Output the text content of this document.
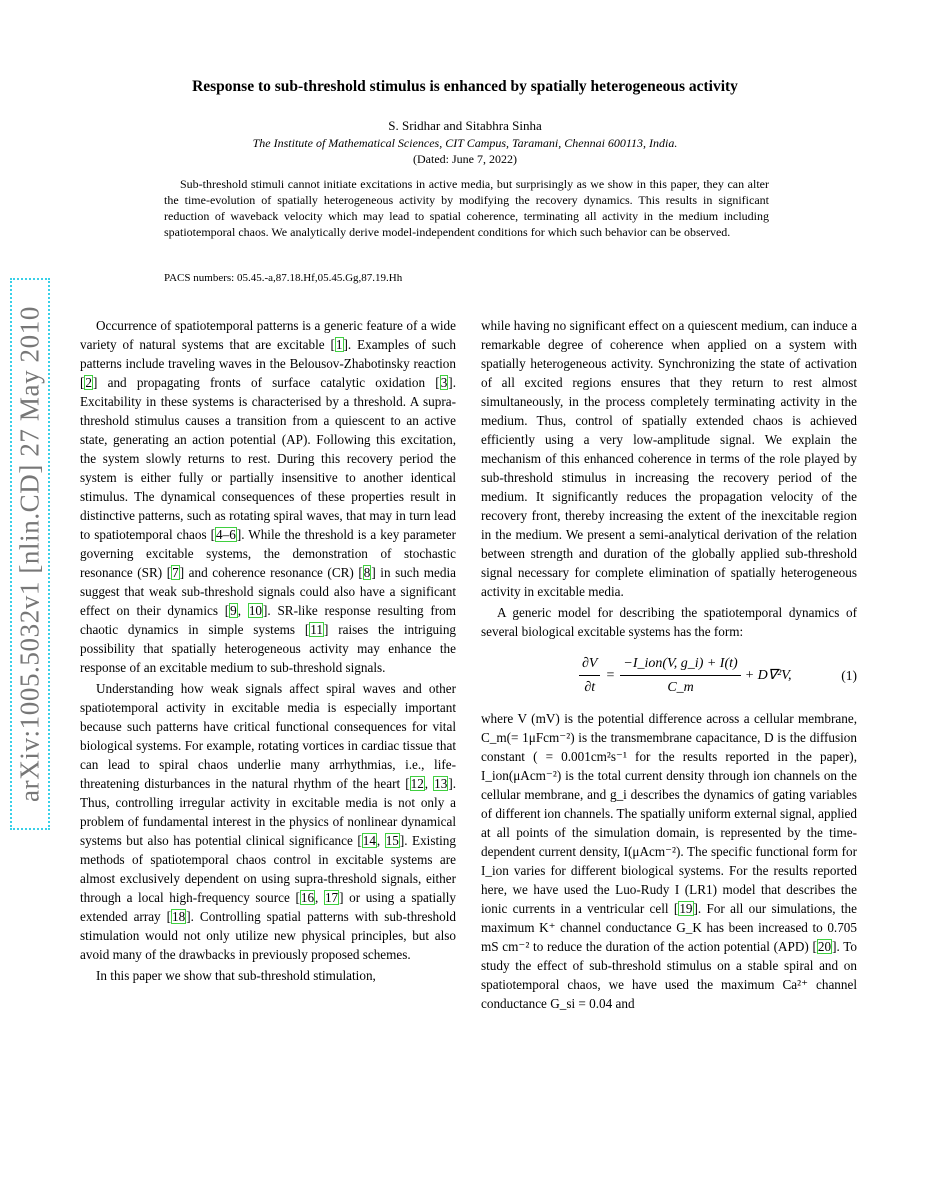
arXiv:1005.5032v1 [nlin.CD] 27 May 2010
Response to sub-threshold stimulus is enhanced by spatially heterogeneous activity
S. Sridhar and Sitabhra Sinha
The Institute of Mathematical Sciences, CIT Campus, Taramani, Chennai 600113, India.
(Dated: June 7, 2022)

Sub-threshold stimuli cannot initiate excitations in active media, but surprisingly as we show in this paper, they can alter the time-evolution of spatially heterogeneous activity by modifying the recovery dynamics. This results in significant reduction of waveback velocity which may lead to spatial coherence, terminating all activity in the medium including spatiotemporal chaos. We analytically derive model-independent conditions for which such behavior can be observed.

PACS numbers: 05.45.-a,87.18.Hf,05.45.Gg,87.19.Hh

Occurrence of spatiotemporal patterns is a generic feature of a wide variety of natural systems that are excitable [1]. Examples of such patterns include traveling waves in the Belousov-Zhabotinsky reaction [2] and propagating fronts of surface catalytic oxidation [3]. Excitability in these systems is characterised by a threshold. A supra-threshold stimulus causes a transition from a quiescent to an active state, generating an action potential (AP). Following this excitation, the system slowly returns to rest. During this recovery period the system is either fully or partially insensitive to another identical stimulus. The dynamical consequences of these properties result in distinctive patterns, such as rotating spiral waves, that may in turn lead to spatiotemporal chaos [4–6]. While the threshold is a key parameter governing excitable systems, the demonstration of stochastic resonance (SR) [7] and coherence resonance (CR) [8] in such media suggest that weak sub-threshold signals could also have a significant effect on their dynamics [9, 10]. SR-like response resulting from chaotic dynamics in simple systems [11] raises the intriguing possibility that spatially heterogeneous activity may enhance the response of an excitable medium to sub-threshold signals.

Understanding how weak signals affect spiral waves and other spatiotemporal activity in excitable media is especially important because such patterns have critical functional consequences for vital biological systems. For example, rotating vortices in cardiac tissue that can lead to spiral chaos underlie many arrhythmias, i.e., life-threatening disturbances in the natural rhythm of the heart [12, 13]. Thus, controlling irregular activity in excitable media is not only a problem of fundamental interest in the physics of nonlinear dynamical systems but also has potential clinical significance [14, 15]. Existing methods of spatiotemporal chaos control in excitable systems are almost exclusively dependent on using supra-threshold signals, either through a local high-frequency source [16, 17] or using a spatially extended array [18]. Controlling spatial patterns with sub-threshold stimulation would not only utilize new physical principles, but also avoid many of the drawbacks in previously proposed schemes.

In this paper we show that sub-threshold stimulation,

while having no significant effect on a quiescent medium, can induce a remarkable degree of coherence when applied on a system with spatially heterogeneous activity. Synchronizing the state of activation of all excited regions ensures that they return to rest almost simultaneously, in the process completely terminating activity in the medium. Thus, control of spatially extended chaos is achieved efficiently using a very low-amplitude signal. We explain the mechanism of this enhanced coherence in terms of the role played by sub-threshold stimulus in increasing the recovery period of the medium. It significantly reduces the propagation velocity of the recovery front, thereby increasing the extent of the inexcitable region in the medium. We present a semi-analytical derivation of the relation between strength and duration of the globally applied sub-threshold signal necessary for complete elimination of spatially heterogeneous activity in excitable media.

A generic model for describing the spatiotemporal dynamics of several biological excitable systems has the form:

$\frac{\partial V}{\partial t} = \frac{\text{−I\_ion(V, g\_i) + I(t)}}{C\_m} + D\nabla^2V$,	(1)

where V (mV) is the potential difference across a cellular membrane, C_m(= 1μFcm⁻²) is the transmembrane capacitance, D is the diffusion constant ( = 0.001cm²s⁻¹ for the results reported in the paper), I_ion(μAcm⁻²) is the total current density through ion channels on the cellular membrane, and g_i describes the dynamics of gating variables of different ion channels. The spatially uniform external signal, applied at all points of the simulation domain, is represented by the time-dependent current density, I(μAcm⁻²). The specific functional form for I_ion varies for different biological systems. For the results reported here, we have used the Luo-Rudy I (LR1) model that describes the ionic currents in a ventricular cell [19]. For all our simulations, the maximum K⁺ channel conductance G_K has been increased to 0.705 mS cm⁻² to reduce the duration of the action potential (APD) [20]. To study the effect of sub-threshold stimulus on a stable spiral and on spatiotemporal chaos, we have used the maximum Ca²⁺ channel conductance G_si = 0.04 and
